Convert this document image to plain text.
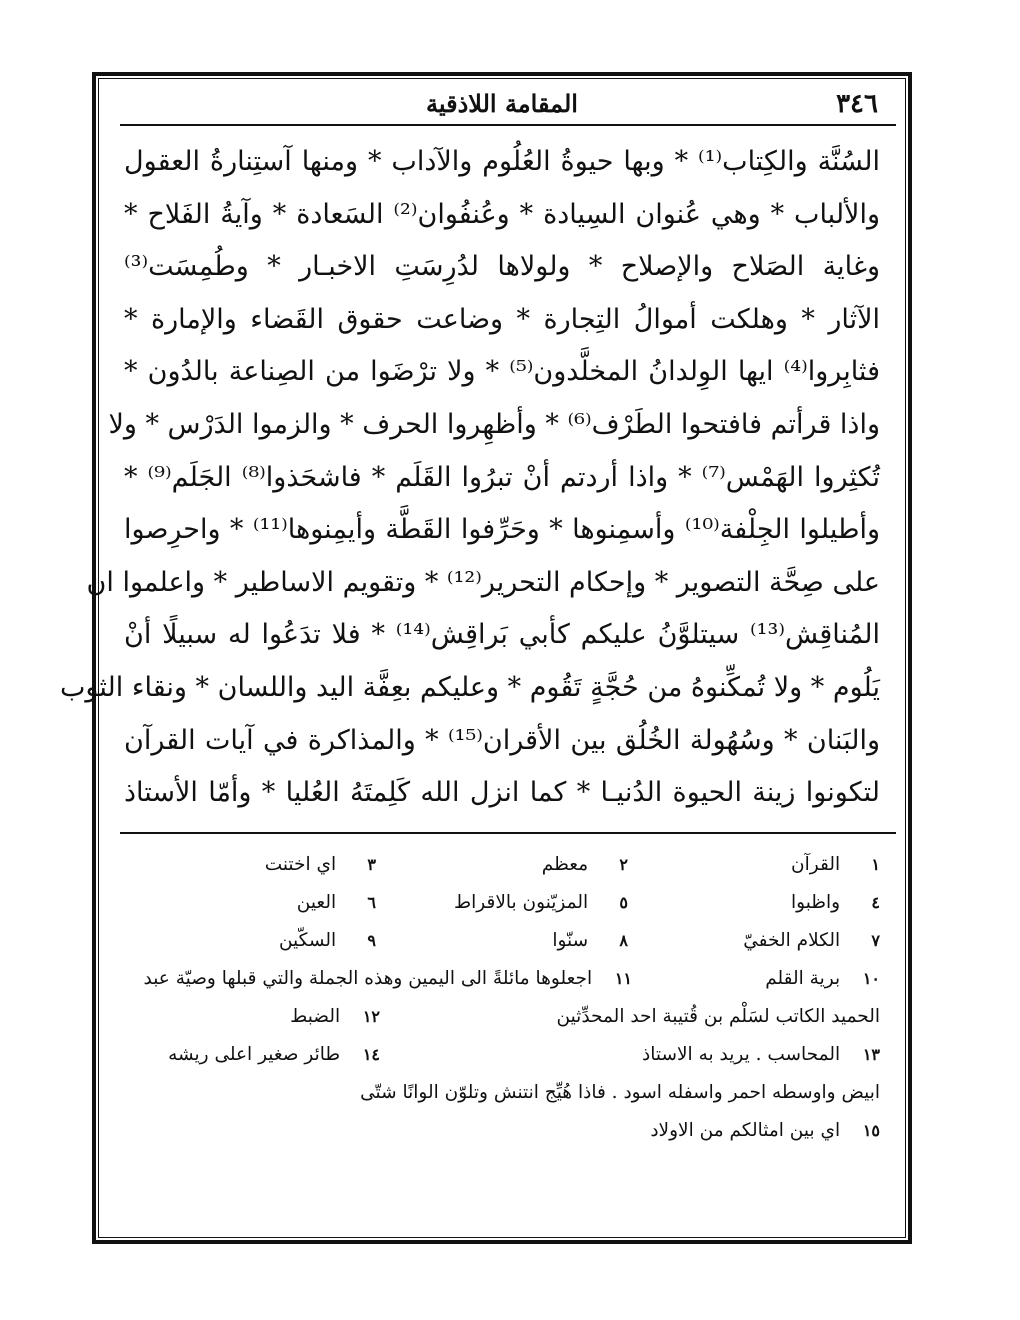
٣٤٦
المقامة اللاذقية
السُنَّة والكِتاب⁽¹⁾ * وبها حيوةُ العُلُوم والآداب * ومنها آستِنارةُ العقول
والألباب * وهي عُنوان السِيادة * وعُنفُوان⁽²⁾ السَعادة * وآيةُ الفَلاح *
وغاية الصَلاح والإصلاح * ولولاها لدُرِسَتِ الاخبـار * وطُمِسَت⁽³⁾
الآثار * وهلكت أموالُ التِجارة * وضاعت حقوق القَضاء والإمارة *
فثابِروا⁽⁴⁾ ايها الوِلدانُ المخلَّدون⁽⁵⁾ * ولا ترْضَوا من الصِناعة بالدُون *
واذا قرأتم فافتحوا الطَرْف⁽⁶⁾ * وأظهِروا الحرف * والزموا الدَرْس * ولا
تُكثِروا الهَمْس⁽⁷⁾ * واذا أردتم أنْ تبرُوا القَلَم * فاشحَذوا⁽⁸⁾ الجَلَم⁽⁹⁾ *
وأطيلوا الجِلْفة⁽¹⁰⁾ وأسمِنوها * وحَرِّفوا القَطَّة وأيمِنوها⁽¹¹⁾ * واحرِصوا
على صِحَّة التصوير * وإحكام التحرير⁽¹²⁾ * وتقويم الاساطير * واعلموا ان
المُناقِش⁽¹³⁾ سيتلوَّنُ عليكم كأبي بَراقِش⁽¹⁴⁾ * فلا تدَعُوا له سبيلًا أنْ
يَلُوم * ولا تُمكِّنوهُ من حُجَّةٍ تَقُوم * وعليكم بعِفَّة اليد واللسان * ونقاء الثوب
والبَنان * وسُهُولة الخُلُق بين الأقران⁽¹⁵⁾ * والمذاكرة في آيات القرآن
لتكونوا زينة الحيوة الدُنيـا * كما انزل الله كَلِمتَهُ العُليا * وأمّا الأستاذ
١ القرآن
٢ معظم
٣ اي اختنت
٤ واظبوا
٥ المزيّنون بالاقراط
٦ العين
٧ الكلام الخفيّ
٨ سنّوا
٩ السكّين
١٠ برية القلم
١١ اجعلوها مائلةً الى اليمين وهذه الجملة والتي قبلها وصيّة عبد
الحميد الكاتب لسَلْم بن قُتيبة احد المحدِّثين
١٢ الضبط
١٣ المحاسب . يريد به الاستاذ
١٤ طائر صغير اعلى ريشه
ابيض واوسطه احمر واسفله اسود . فاذا هُيِّج انتنش وتلوّن الوانًا شتّى
١٥ اي بين امثالكم من الاولاد
